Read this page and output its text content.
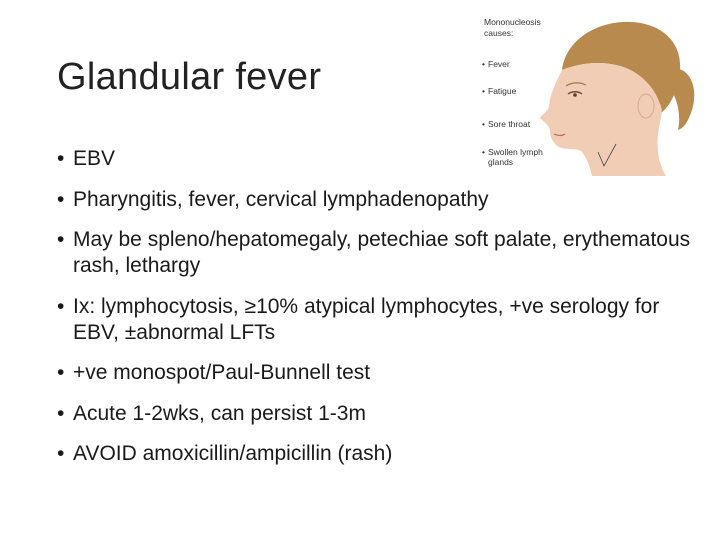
Glandular fever
• EBV
• Pharyngitis, fever, cervical lymphadenopathy
• May be spleno/hepatomegaly, petechiae soft palate, erythematous rash, lethargy
• Ix: lymphocytosis, ≥10% atypical lymphocytes, +ve serology for EBV, ±abnormal LFTs
• +ve monospot/Paul-Bunnell test
• Acute 1-2wks, can persist 1-3m
• AVOID amoxicillin/ampicillin (rash)
Mononucleosis
causes:
• Fever
• Fatigue
• Sore throat
• Swollen lymph
glands
